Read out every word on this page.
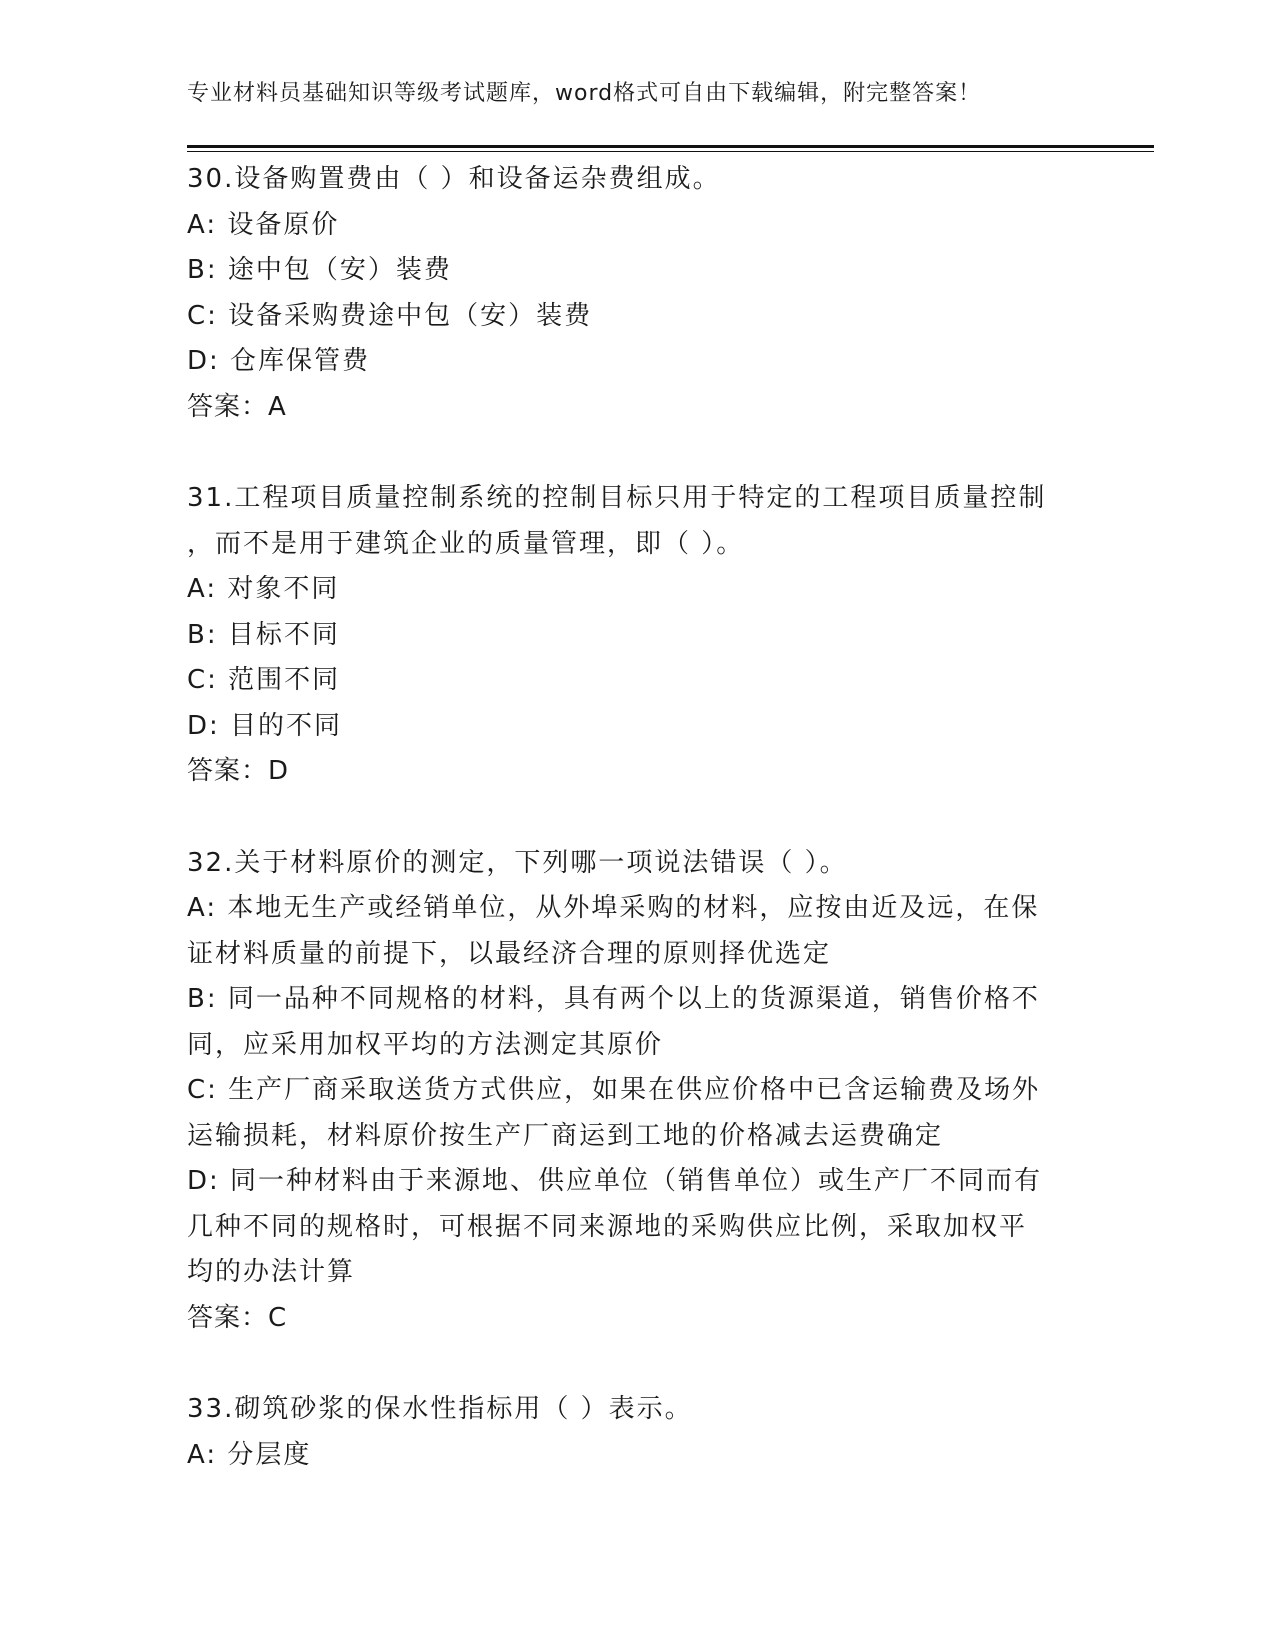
专业材料员基础知识等级考试题库，word格式可自由下载编辑，附完整答案！
30.设备购置费由（ ）和设备运杂费组成。
A: 设备原价
B: 途中包（安）装费
C: 设备采购费途中包（安）装费
D: 仓库保管费
答案：A
31.工程项目质量控制系统的控制目标只用于特定的工程项目质量控制
，而不是用于建筑企业的质量管理，即（ ）。
A: 对象不同
B: 目标不同
C: 范围不同
D: 目的不同
答案：D
32.关于材料原价的测定，下列哪一项说法错误（ ）。
A: 本地无生产或经销单位，从外埠采购的材料，应按由近及远，在保
证材料质量的前提下，以最经济合理的原则择优选定
B: 同一品种不同规格的材料，具有两个以上的货源渠道，销售价格不
同，应采用加权平均的方法测定其原价
C: 生产厂商采取送货方式供应，如果在供应价格中已含运输费及场外
运输损耗，材料原价按生产厂商运到工地的价格减去运费确定
D: 同一种材料由于来源地、供应单位（销售单位）或生产厂不同而有
几种不同的规格时，可根据不同来源地的采购供应比例，采取加权平
均的办法计算
答案：C
33.砌筑砂浆的保水性指标用（ ）表示。
A: 分层度
